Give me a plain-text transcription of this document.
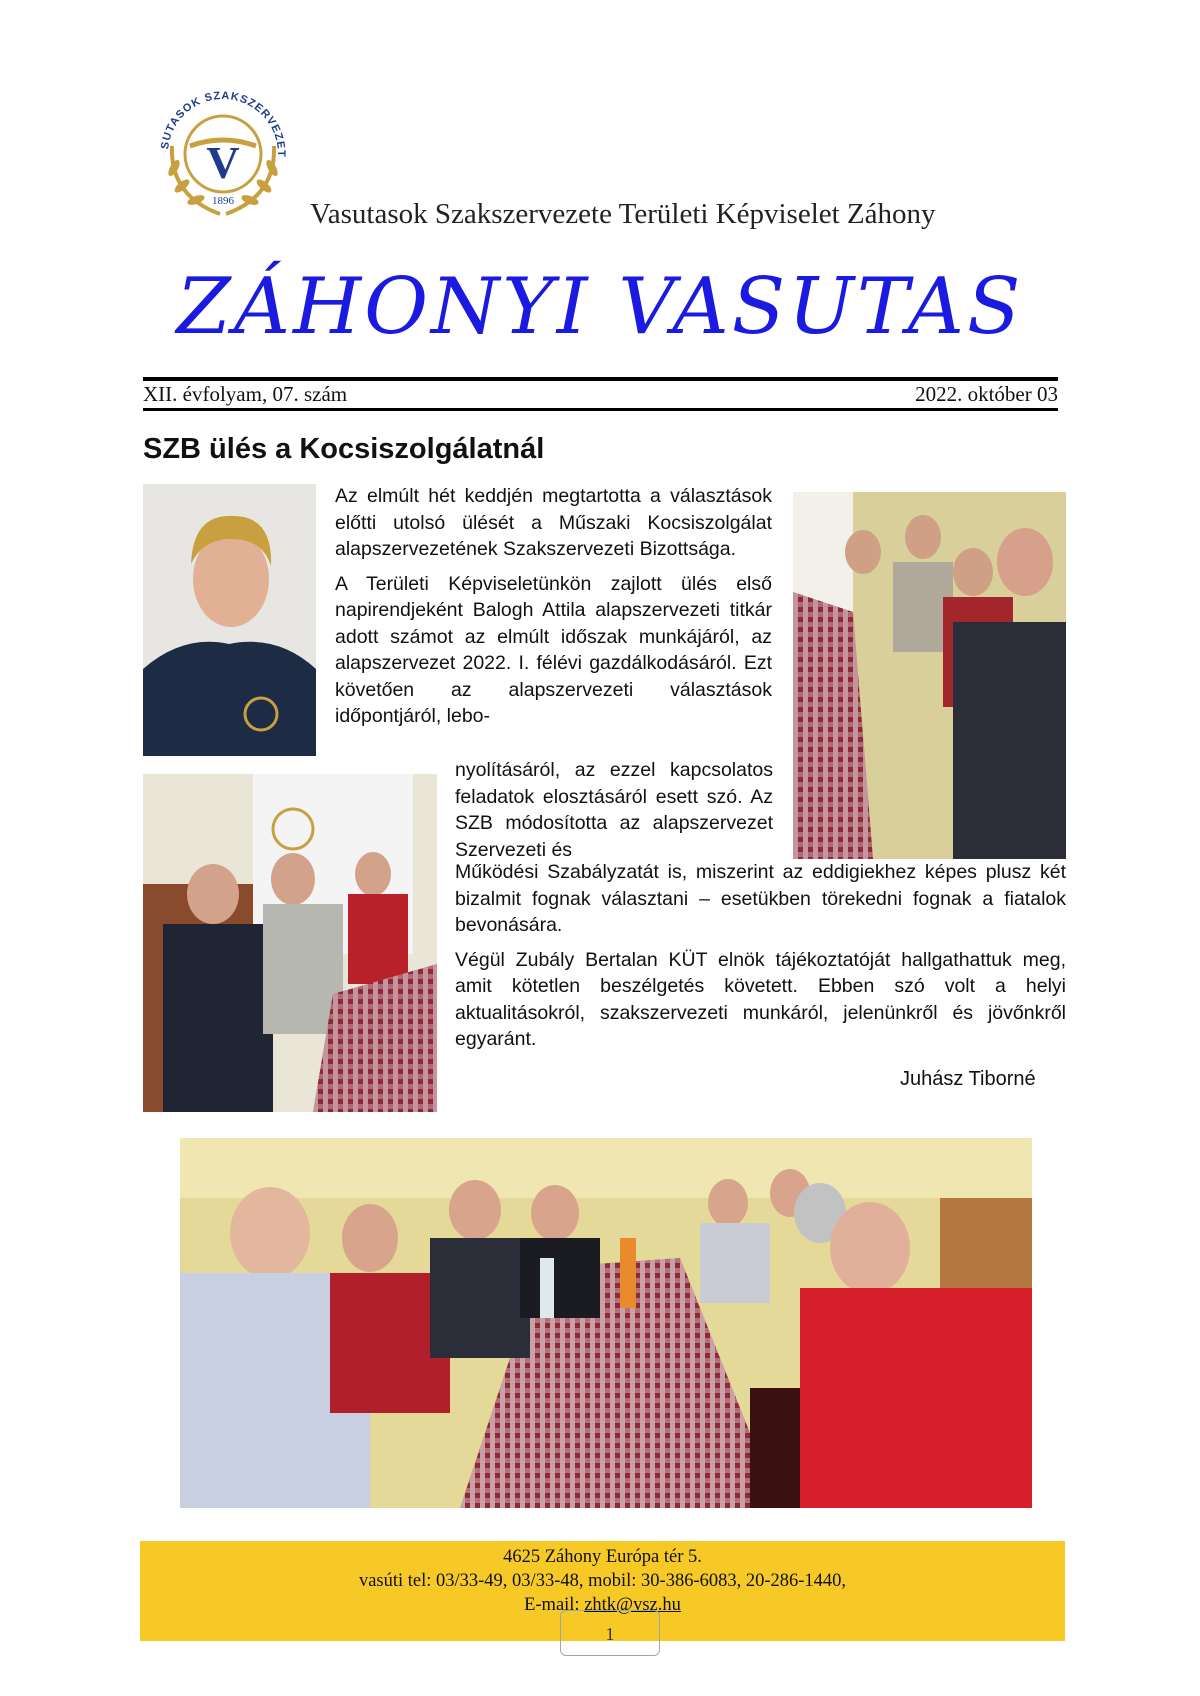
V
SUTASOK SZAKSZERVEZET
1896	Vasutasok Szakszervezete Területi Képviselet Záhony
ZÁHONYI VASUTAS
XII. évfolyam, 07. szám	2022. október 03
SZB ülés a Kocsiszolgálatnál

Az elmúlt hét keddjén megtartotta a választások előtti utolsó ülését a Műszaki Kocsiszolgálat alapszervezetének Szakszervezeti Bizottsága.

A Területi Képviseletünkön zajlott ülés első napirendjeként Balogh Attila alapszervezeti titkár adott számot az elmúlt időszak munkájáról, az alapszervezet 2022. I. félévi gazdálkodásáról. Ezt követően az alapszervezeti választások időpontjáról, lebo-

nyolításáról, az ezzel kapcsolatos feladatok elosztásáról esett szó. Az SZB módosította az alapszervezet Szervezeti és

Működési Szabályzatát is, miszerint az eddigiekhez képes plusz két bizalmit fognak választani – esetükben törekedni fognak a fiatalok bevonására.

Végül Zubály Bertalan KÜT elnök tájékoztatóját hallgathattuk meg, amit kötetlen beszélgetés követett. Ebben szó volt a helyi aktualitásokról, szakszervezeti munkáról, jelenünkről és jövőnkről egyaránt.

Juhász Tiborné
4625 Záhony Európa tér 5.
vasúti tel: 03/33-49, 03/33-48, mobil: 30-386-6083, 20-286-1440,
E-mail: zhtk@vsz.hu
1
